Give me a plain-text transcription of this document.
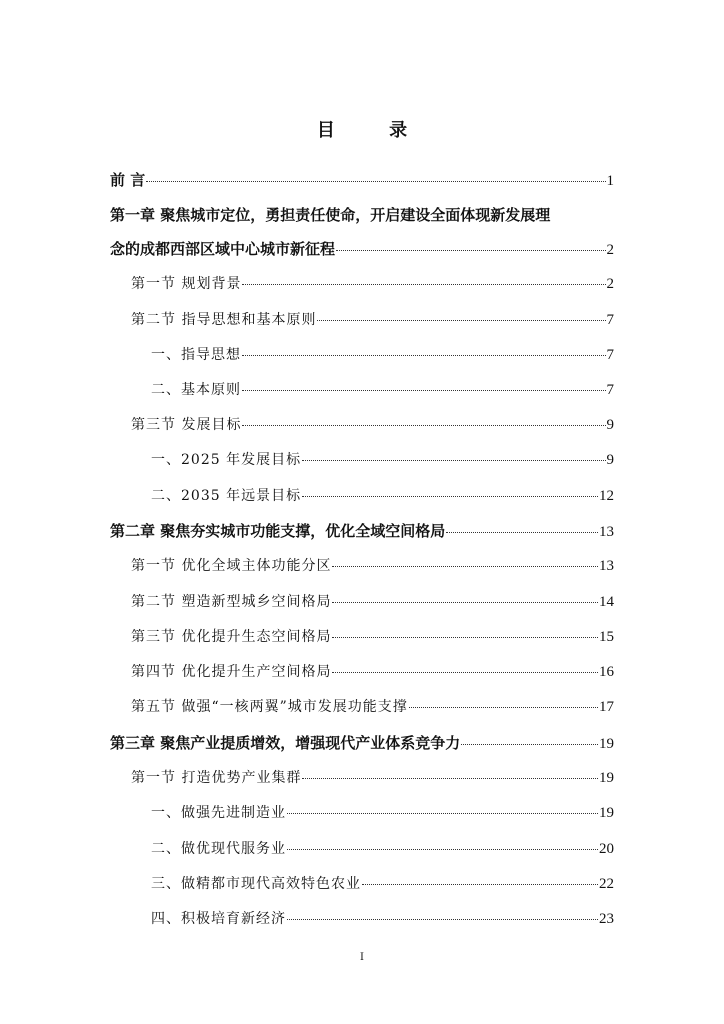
目 录
前 言	1
第一章 聚焦城市定位，勇担责任使命，开启建设全面体现新发展理
念的成都西部区域中心城市新征程	2
第一节 规划背景	2
第二节 指导思想和基本原则	7
一、指导思想	7
二、基本原则	7
第三节 发展目标	9
一、2025 年发展目标	9
二、2035 年远景目标	12
第二章 聚焦夯实城市功能支撑，优化全域空间格局	13
第一节 优化全域主体功能分区	13
第二节 塑造新型城乡空间格局	14
第三节 优化提升生态空间格局	15
第四节 优化提升生产空间格局	16
第五节 做强“一核两翼”城市发展功能支撑	17
第三章 聚焦产业提质增效，增强现代产业体系竞争力	19
第一节 打造优势产业集群	19
一、做强先进制造业	19
二、做优现代服务业	20
三、做精都市现代高效特色农业	22
四、积极培育新经济	23
I
